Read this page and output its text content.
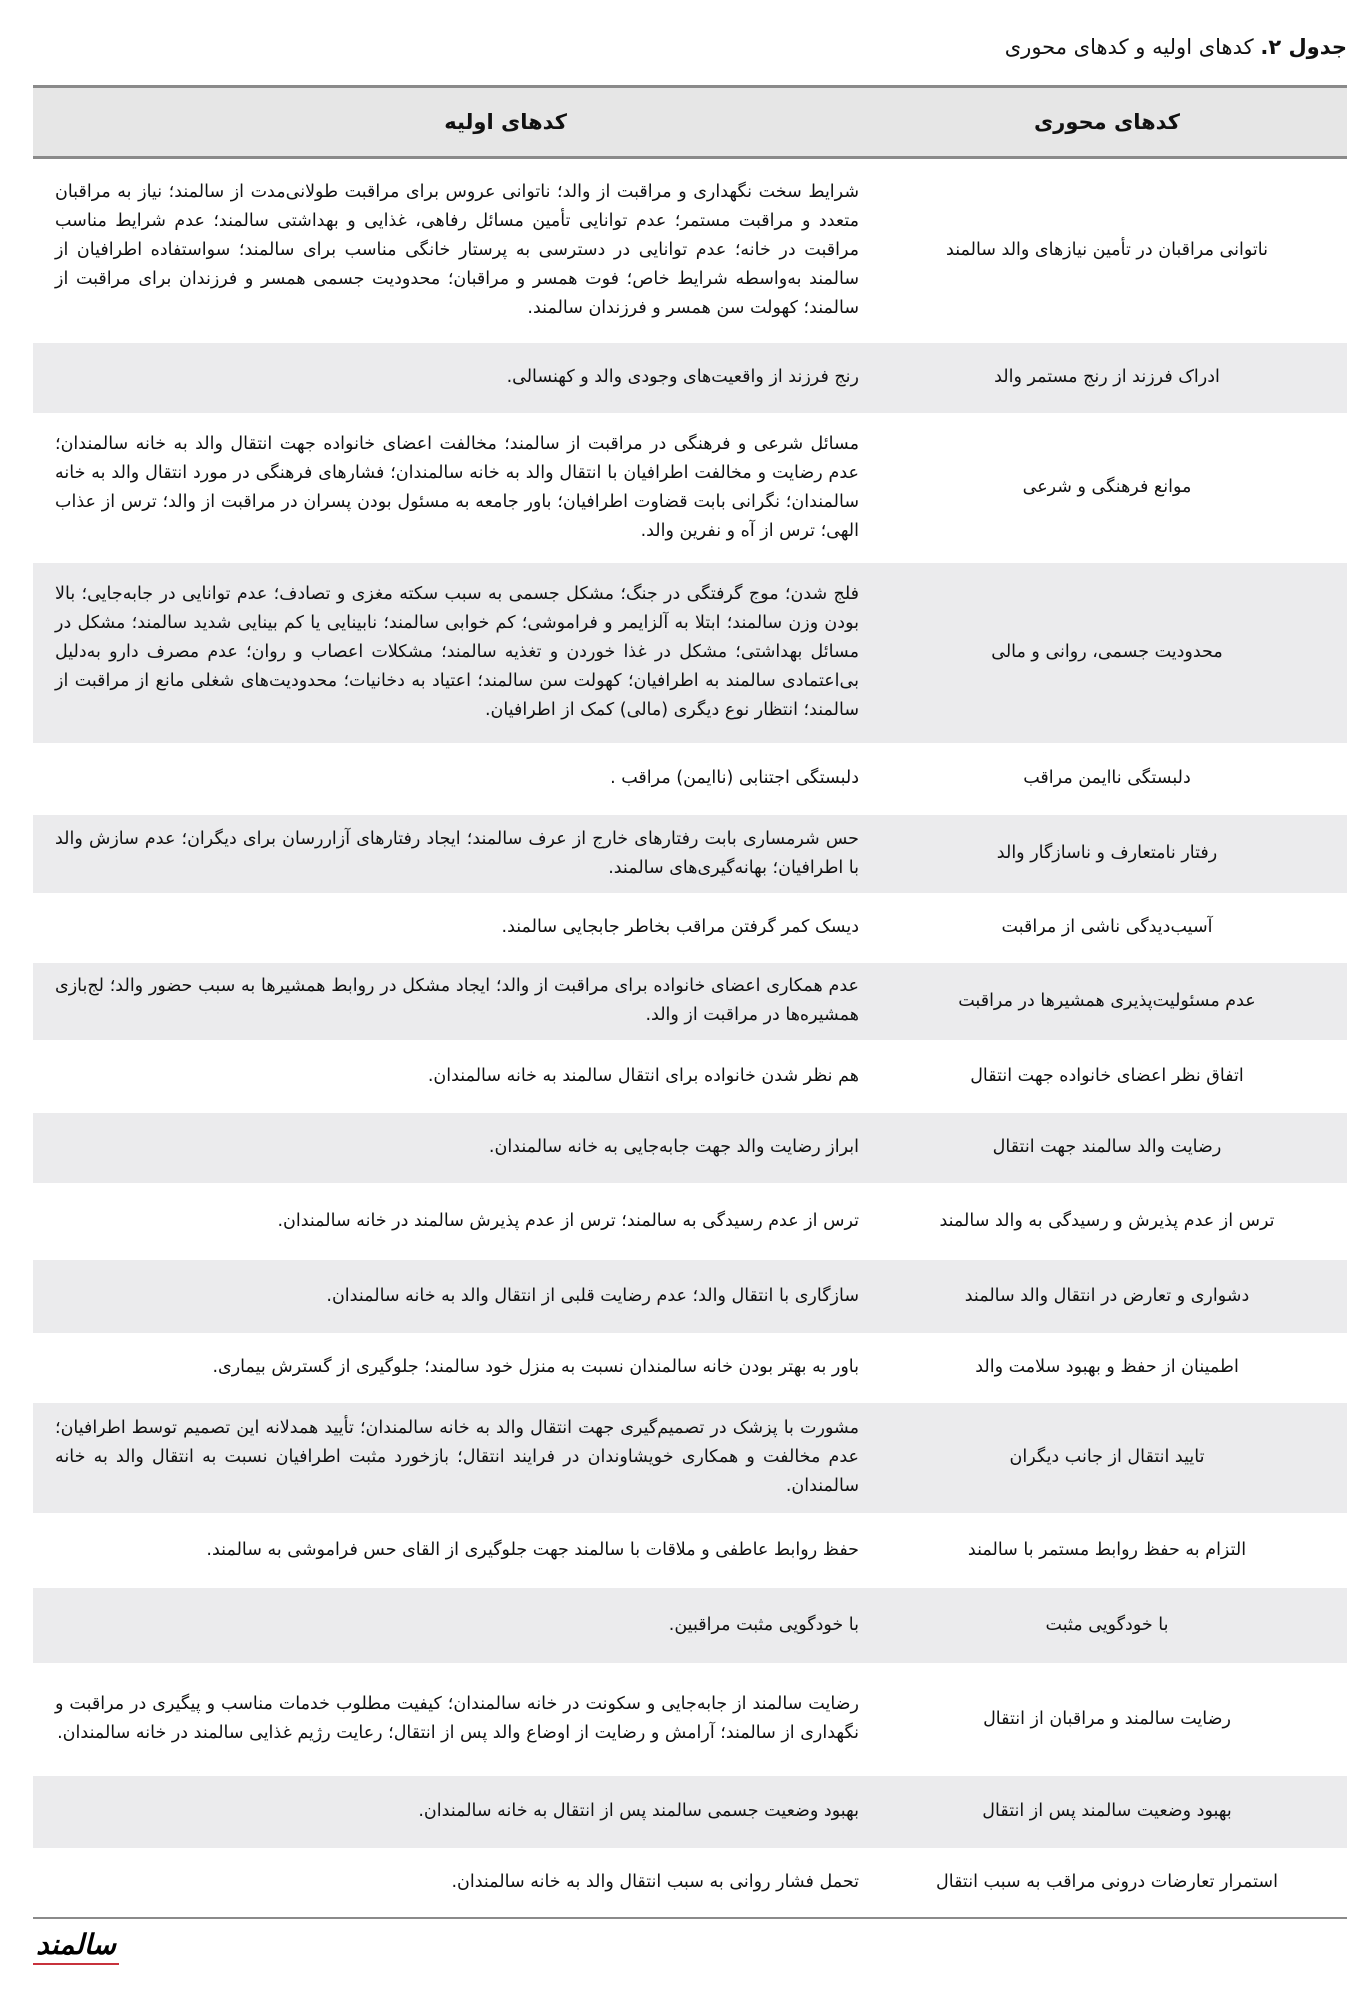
جدول ۲. کدهای اولیه و کدهای محوری
کدهای محوری	کدهای اولیه
ناتوانی مراقبان در تأمین نیازهای والد سالمند	شرایط سخت نگهداری و مراقبت از والد؛ ناتوانی عروس برای مراقبت طولانی‌مدت از سالمند؛ نیاز به مراقبان متعدد و مراقبت مستمر؛ عدم توانایی تأمین مسائل رفاهی، غذایی و بهداشتی سالمند؛ عدم شرایط مناسب مراقبت در خانه؛ عدم توانایی در دسترسی به پرستار خانگی مناسب برای سالمند؛ سواستفاده اطرافیان از سالمند به‌واسطه شرایط خاص؛ فوت همسر و مراقبان؛ محدودیت جسمی همسر و فرزندان برای مراقبت از سالمند؛ کهولت سن همسر و فرزندان سالمند.
ادراک فرزند از رنج مستمر والد	رنج فرزند از واقعیت‌های وجودی والد و کهنسالی.
موانع فرهنگی و شرعی	مسائل شرعی و فرهنگی در مراقبت از سالمند؛ مخالفت اعضای خانواده جهت انتقال والد به خانه سالمندان؛ عدم رضایت و مخالفت اطرافیان با انتقال والد به خانه سالمندان؛ فشارهای فرهنگی در مورد انتقال والد به خانه سالمندان؛ نگرانی بابت قضاوت اطرافیان؛ باور جامعه به مسئول بودن پسران در مراقبت از والد؛ ترس از عذاب الهی؛ ترس از آه و نفرین والد.
محدودیت جسمی، روانی و مالی	فلج شدن؛ موج گرفتگی در جنگ؛ مشکل جسمی به سبب سکته مغزی و تصادف؛ عدم توانایی در جابه‌جایی؛ بالا بودن وزن سالمند؛ ابتلا به آلزایمر و فراموشی؛ کم خوابی سالمند؛ نابینایی یا کم بینایی شدید سالمند؛ مشکل در مسائل بهداشتی؛ مشکل در غذا خوردن و تغذیه سالمند؛ مشکلات اعصاب و روان؛ عدم مصرف دارو به‌دلیل بی‌اعتمادی سالمند به اطرافیان؛ کهولت سن سالمند؛ اعتیاد به دخانیات؛ محدودیت‌های شغلی مانع از مراقبت از سالمند؛ انتظار نوع دیگری (مالی) کمک از اطرافیان.
دلبستگی ناایمن مراقب	دلبستگی اجتنابی (ناایمن) مراقب .
رفتار نامتعارف و ناسازگار والد	حس شرمساری بابت رفتارهای خارج از عرف سالمند؛ ایجاد رفتارهای آزاررسان برای دیگران؛ عدم سازش والد با اطرافیان؛ بهانه‌گیری‌های سالمند.
آسیب‌دیدگی ناشی از مراقبت	دیسک کمر گرفتن مراقب بخاطر جابجایی سالمند.
عدم مسئولیت‌پذیری همشیرها در مراقبت	عدم همکاری اعضای خانواده برای مراقبت از والد؛ ایجاد مشکل در روابط همشیرها به سبب حضور والد؛ لج‌بازی همشیره‌ها در مراقبت از والد.
اتفاق نظر اعضای خانواده جهت انتقال	هم نظر شدن خانواده برای انتقال سالمند به خانه سالمندان.
رضایت والد سالمند جهت انتقال	ابراز رضایت والد جهت جابه‌جایی به خانه سالمندان.
ترس از عدم پذیرش و رسیدگی به والد سالمند	ترس از عدم رسیدگی به سالمند؛ ترس از عدم پذیرش سالمند در خانه سالمندان.
دشواری و تعارض در انتقال والد سالمند	سازگاری با انتقال والد؛ عدم رضایت قلبی از انتقال والد به خانه سالمندان.
اطمینان از حفظ و بهبود سلامت والد	باور به بهتر بودن خانه سالمندان نسبت به منزل خود سالمند؛ جلوگیری از گسترش بیماری.
تایید انتقال از جانب دیگران	مشورت با پزشک در تصمیم‌گیری جهت انتقال والد به خانه سالمندان؛ تأیید همدلانه این تصمیم توسط اطرافیان؛ عدم مخالفت و همکاری خویشاوندان در فرایند انتقال؛ بازخورد مثبت اطرافیان نسبت به انتقال والد به خانه سالمندان.
التزام به حفظ روابط مستمر با سالمند	حفظ روابط عاطفی و ملاقات با سالمند جهت جلوگیری از القای حس فراموشی به سالمند.
با خودگویی مثبت	با خودگویی مثبت مراقبین.
رضایت سالمند و مراقبان از انتقال	رضایت سالمند از جابه‌جایی و سکونت در خانه سالمندان؛ کیفیت مطلوب خدمات مناسب و پیگیری در مراقبت و نگهداری از سالمند؛ آرامش و رضایت از اوضاع والد پس از انتقال؛ رعایت رژیم غذایی سالمند در خانه سالمندان.
بهبود وضعیت سالمند پس از انتقال	بهبود وضعیت جسمی سالمند پس از انتقال به خانه سالمندان.
استمرار تعارضات درونی مراقب به سبب انتقال	تحمل فشار روانی به سبب انتقال والد به خانه سالمندان.
سالمند
